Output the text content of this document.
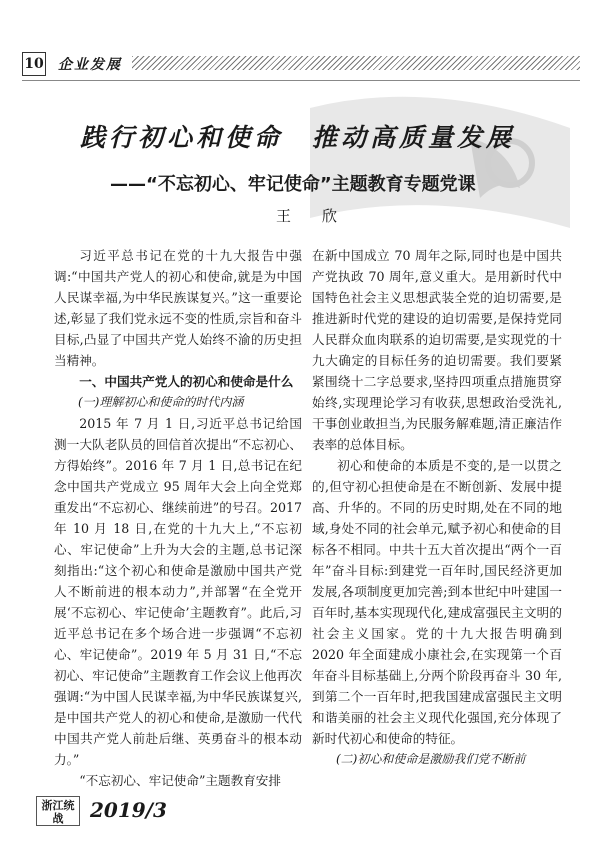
10 企业发展
践行初心和使命　推动高质量发展
——“不忘初心、牢记使命”主题教育专题党课
王　欣

习近平总书记在党的十九大报告中强调:“中国共产党人的初心和使命,就是为中国人民谋幸福,为中华民族谋复兴。”这一重要论述,彰显了我们党永远不变的性质,宗旨和奋斗目标,凸显了中国共产党人始终不渝的历史担当精神。

一、中国共产党人的初心和使命是什么
(一)理解初心和使命的时代内涵

2015 年 7 月 1 日,习近平总书记给国测一大队老队员的回信首次提出“不忘初心、方得始终”。2016 年 7 月 1 日,总书记在纪念中国共产党成立 95 周年大会上向全党郑重发出“不忘初心、继续前进”的号召。2017 年 10 月 18 日,在党的十九大上,“不忘初心、牢记使命”上升为大会的主题,总书记深刻指出:“这个初心和使命是激励中国共产党人不断前进的根本动力”,并部署“在全党开展‘不忘初心、牢记使命’主题教育”。此后,习近平总书记在多个场合进一步强调“不忘初心、牢记使命”。2019 年 5 月 31 日,“不忘初心、牢记使命”主题教育工作会议上他再次强调:“为中国人民谋幸福,为中华民族谋复兴,是中国共产党人的初心和使命,是激励一代代中国共产党人前赴后继、英勇奋斗的根本动力。”

“不忘初心、牢记使命”主题教育安排

在新中国成立 70 周年之际,同时也是中国共产党执政 70 周年,意义重大。是用新时代中国特色社会主义思想武装全党的迫切需要,是推进新时代党的建设的迫切需要,是保持党同人民群众血肉联系的迫切需要,是实现党的十九大确定的目标任务的迫切需要。我们要紧紧围绕十二字总要求,坚持四项重点措施贯穿始终,实现理论学习有收获,思想政治受洗礼,干事创业敢担当,为民服务解难题,清正廉洁作表率的总体目标。

初心和使命的本质是不变的,是一以贯之的,但守初心担使命是在不断创新、发展中提高、升华的。不同的历史时期,处在不同的地域,身处不同的社会单元,赋予初心和使命的目标各不相同。中共十五大首次提出“两个一百年”奋斗目标:到建党一百年时,国民经济更加发展,各项制度更加完善;到本世纪中叶建国一百年时,基本实现现代化,建成富强民主文明的社会主义国家。党的十九大报告明确到 2020 年全面建成小康社会,在实现第一个百年奋斗目标基础上,分两个阶段再奋斗 30 年,到第二个一百年时,把我国建成富强民主文明和谐美丽的社会主义现代化强国,充分体现了新时代初心和使命的特征。

(二)初心和使命是激励我们党不断前
浙江统战	2019/3
